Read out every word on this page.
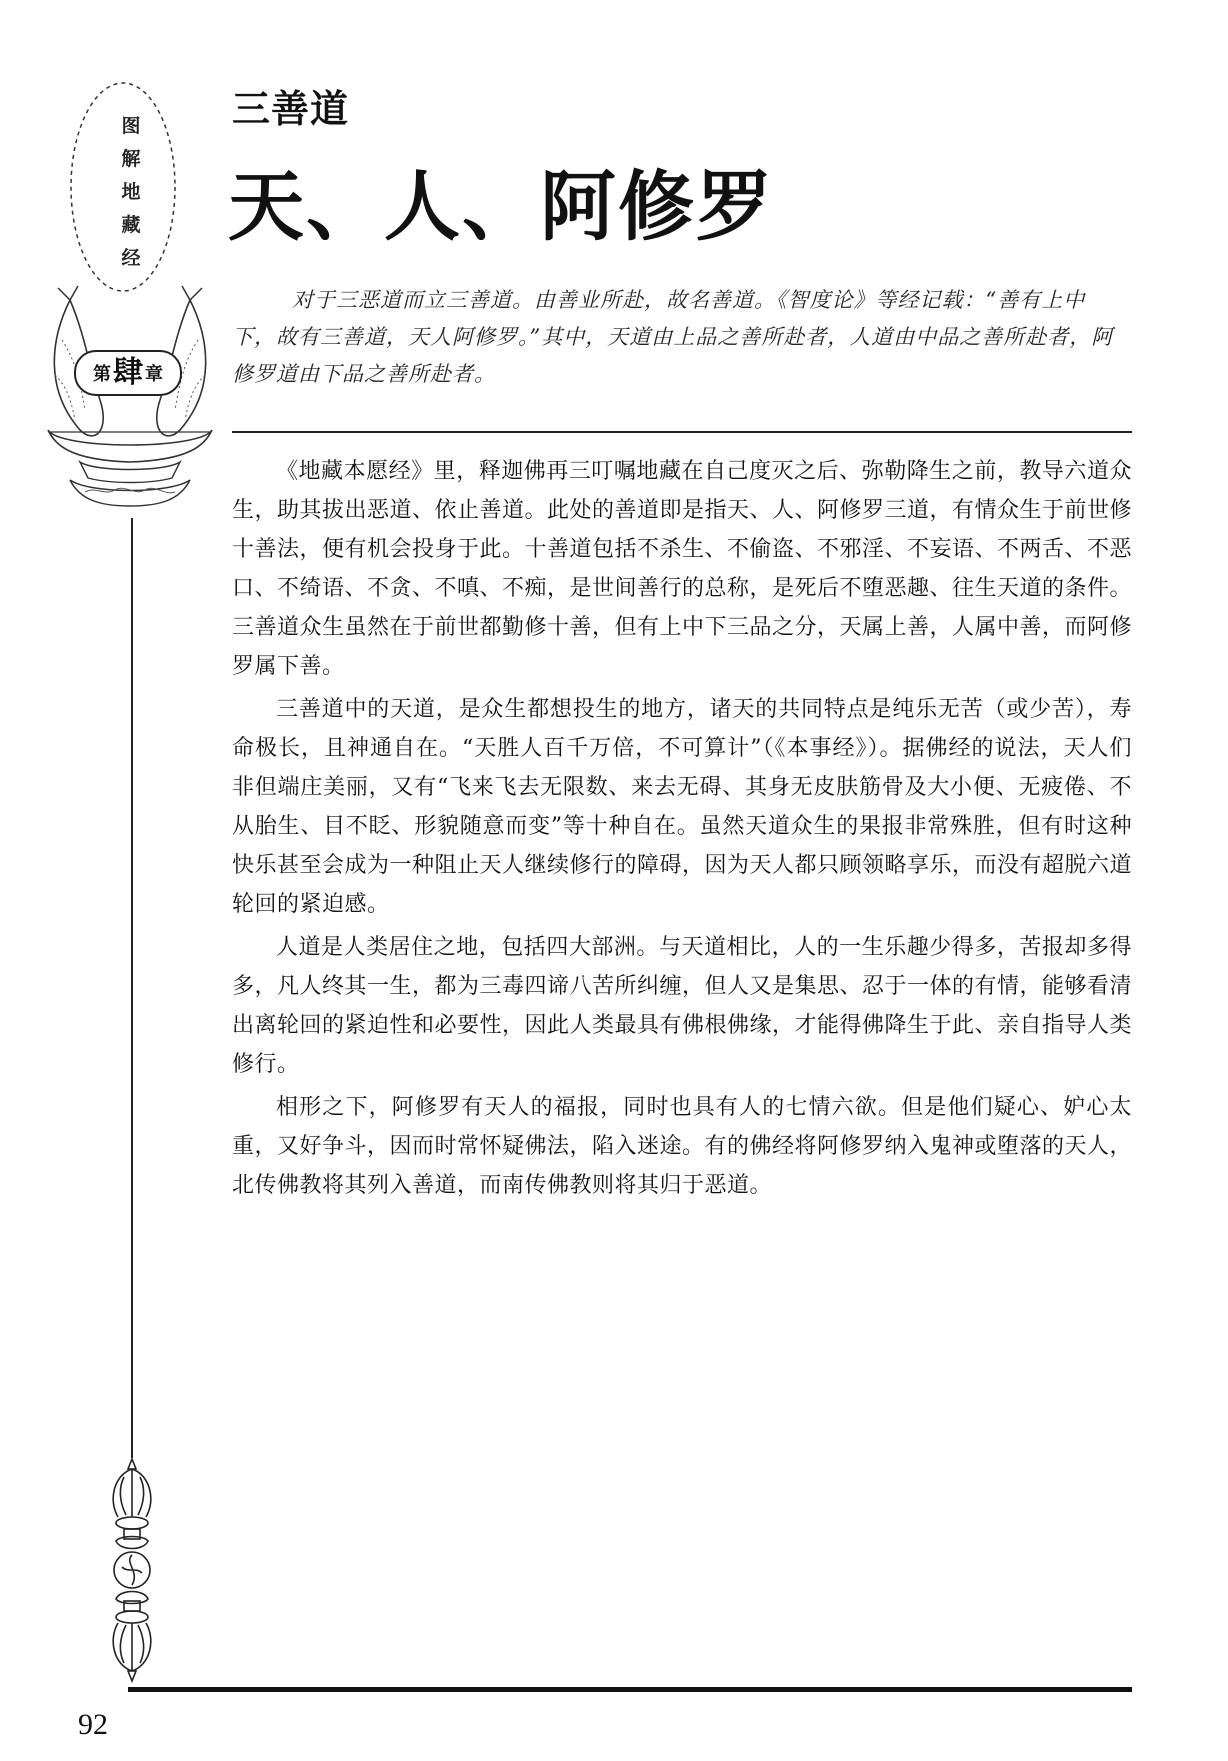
图
解
地
藏
经
第 肆 章
三善道
天、人、阿修罗

对于三恶道而立三善道。由善业所赴，故名善道。《智度论》等经记载：“善有上中下，故有三善道，天人阿修罗。”其中，天道由上品之善所赴者，人道由中品之善所赴者，阿修罗道由下品之善所赴者。

《地藏本愿经》里，释迦佛再三叮嘱地藏在自己度灭之后、弥勒降生之前，教导六道众生，助其拔出恶道、依止善道。此处的善道即是指天、人、阿修罗三道，有情众生于前世修十善法，便有机会投身于此。十善道包括不杀生、不偷盗、不邪淫、不妄语、不两舌、不恶口、不绮语、不贪、不嗔、不痴，是世间善行的总称，是死后不堕恶趣、往生天道的条件。三善道众生虽然在于前世都勤修十善，但有上中下三品之分，天属上善，人属中善，而阿修罗属下善。

三善道中的天道，是众生都想投生的地方，诸天的共同特点是纯乐无苦（或少苦），寿命极长，且神通自在。“天胜人百千万倍，不可算计”（《本事经》）。据佛经的说法，天人们非但端庄美丽，又有“飞来飞去无限数、来去无碍、其身无皮肤筋骨及大小便、无疲倦、不从胎生、目不眨、形貌随意而变”等十种自在。虽然天道众生的果报非常殊胜，但有时这种快乐甚至会成为一种阻止天人继续修行的障碍，因为天人都只顾领略享乐，而没有超脱六道轮回的紧迫感。

人道是人类居住之地，包括四大部洲。与天道相比，人的一生乐趣少得多，苦报却多得多，凡人终其一生，都为三毒四谛八苦所纠缠，但人又是集思、忍于一体的有情，能够看清出离轮回的紧迫性和必要性，因此人类最具有佛根佛缘，才能得佛降生于此、亲自指导人类修行。

相形之下，阿修罗有天人的福报，同时也具有人的七情六欲。但是他们疑心、妒心太重，又好争斗，因而时常怀疑佛法，陷入迷途。有的佛经将阿修罗纳入鬼神或堕落的天人，北传佛教将其列入善道，而南传佛教则将其归于恶道。

92
